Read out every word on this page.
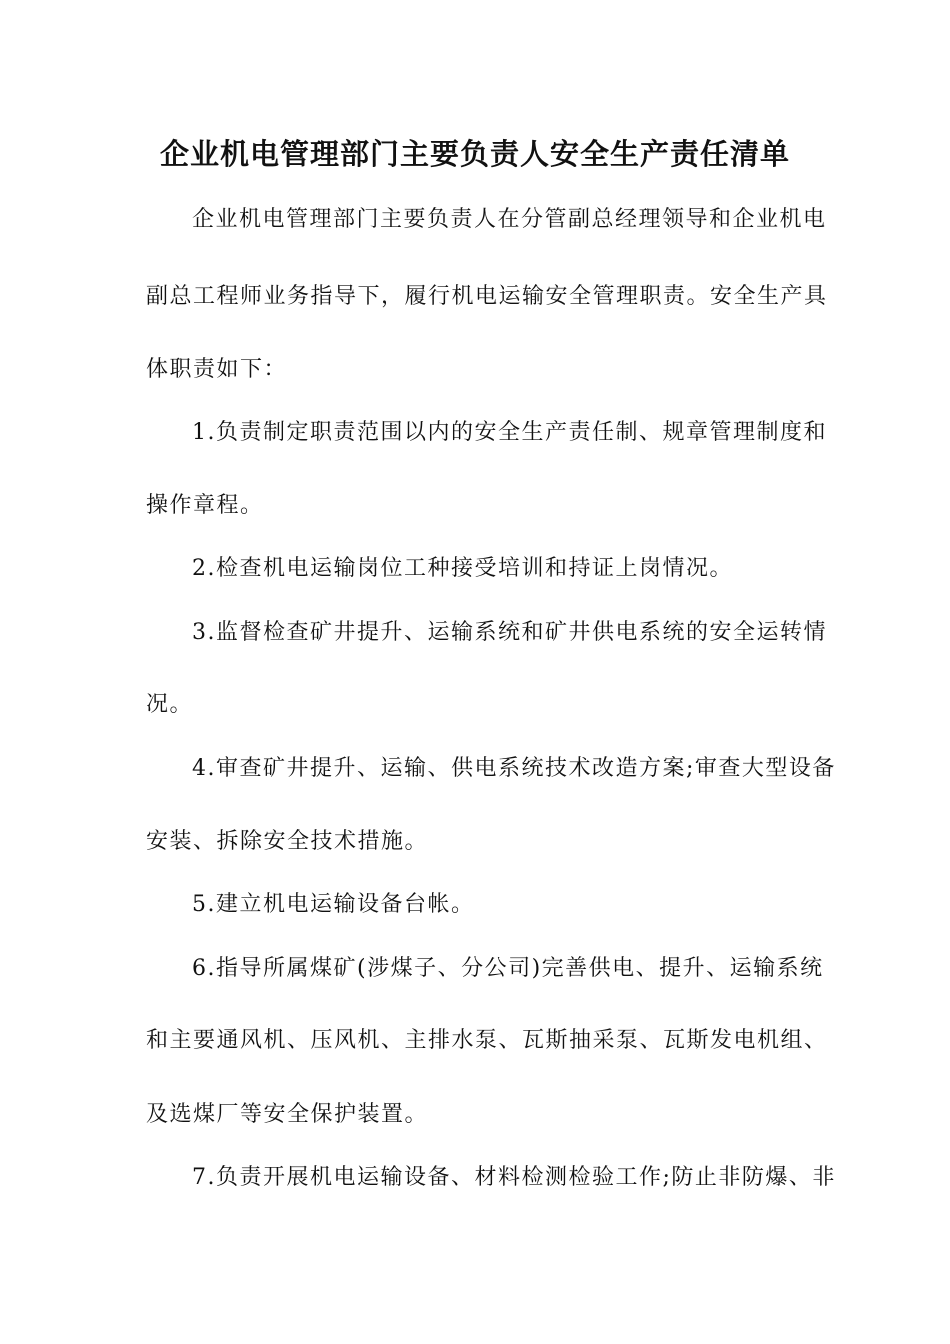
企业机电管理部门主要负责人安全生产责任清单
企业机电管理部门主要负责人在分管副总经理领导和企业机电
副总工程师业务指导下，履行机电运输安全管理职责。安全生产具
体职责如下：
1.负责制定职责范围以内的安全生产责任制、规章管理制度和
操作章程。
2.检查机电运输岗位工种接受培训和持证上岗情况。
3.监督检查矿井提升、运输系统和矿井供电系统的安全运转情
况。
4.审查矿井提升、运输、供电系统技术改造方案;审查大型设备
安装、拆除安全技术措施。
5.建立机电运输设备台帐。
6.指导所属煤矿(涉煤子、分公司)完善供电、提升、运输系统
和主要通风机、压风机、主排水泵、瓦斯抽采泵、瓦斯发电机组、
及选煤厂等安全保护装置。
7.负责开展机电运输设备、材料检测检验工作;防止非防爆、非
